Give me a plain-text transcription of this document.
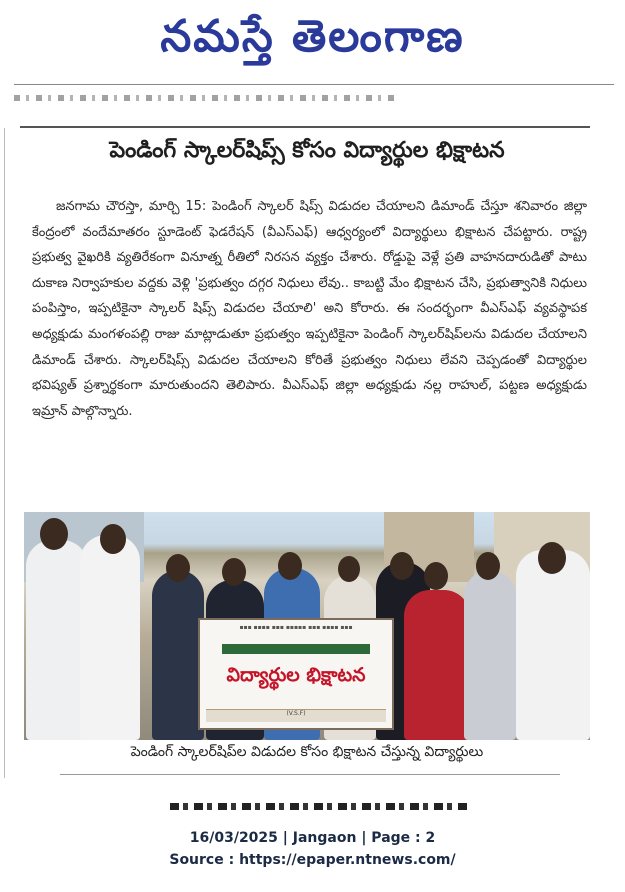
నమస్తే తెలంగాణ
పెండింగ్ స్కాలర్‌షిప్స్ కోసం విద్యార్థుల భిక్షాటన
జనగామ చౌరస్తా, మార్చి 15: పెండింగ్ స్కాలర్ షిప్స్ విడుదల చేయాలని డిమాండ్ చేస్తూ శనివారం జిల్లా కేంద్రంలో వందేమాతరం స్టూడెంట్ ఫెడరేషన్ (వీఎస్ఎఫ్) ఆధ్వర్యంలో విద్యార్థులు భిక్షాటన చేపట్టారు. రాష్ట్ర ప్రభుత్వ వైఖరికి వ్యతిరేకంగా వినూత్న రీతిలో నిరసన వ్యక్తం చేశారు. రోడ్డుపై వెళ్లే ప్రతి వాహనదారుడితో పాటు దుకాణ నిర్వాహకుల వద్దకు వెళ్లి 'ప్రభుత్వం దగ్గర నిధులు లేవు.. కాబట్టి మేం భిక్షాటన చేసి, ప్రభుత్వానికి నిధులు పంపిస్తాం, ఇప్పటికైనా స్కాలర్ షిప్స్ విడుదల చేయాలి' అని కోరారు. ఈ సందర్భంగా వీఎస్ఎఫ్ వ్యవస్థాపక అధ్యక్షుడు మంగళంపల్లి రాజు మాట్లాడుతూ ప్రభుత్వం ఇప్పటికైనా పెండింగ్ స్కాలర్‌షిప్‌లను విడుదల చేయాలని డిమాండ్ చేశారు. స్కాలర్‌షిప్స్ విడుదల చేయాలని కోరితే ప్రభుత్వం నిధులు లేవని చెప్పడంతో విద్యార్థుల భవిష్యత్ ప్రశ్నార్థకంగా మారుతుందని తెలిపారు. వీఎస్ఎఫ్ జిల్లా అధ్యక్షుడు నల్ల రాహుల్, పట్టణ అధ్యక్షుడు ఇమ్రాన్ పాల్గొన్నారు.
▪▪▪ ▪▪▪▪ ▪▪▪ ▪▪▪▪▪ ▪▪▪ ▪▪▪▪ ▪▪▪
విద్యార్థుల భిక్షాటన
(V.S.F)
పెండింగ్ స్కాలర్‌షిప్‌ల విడుదల కోసం భిక్షాటన చేస్తున్న విద్యార్థులు
16/03/2025 | Jangaon | Page : 2
Source : https://epaper.ntnews.com/
